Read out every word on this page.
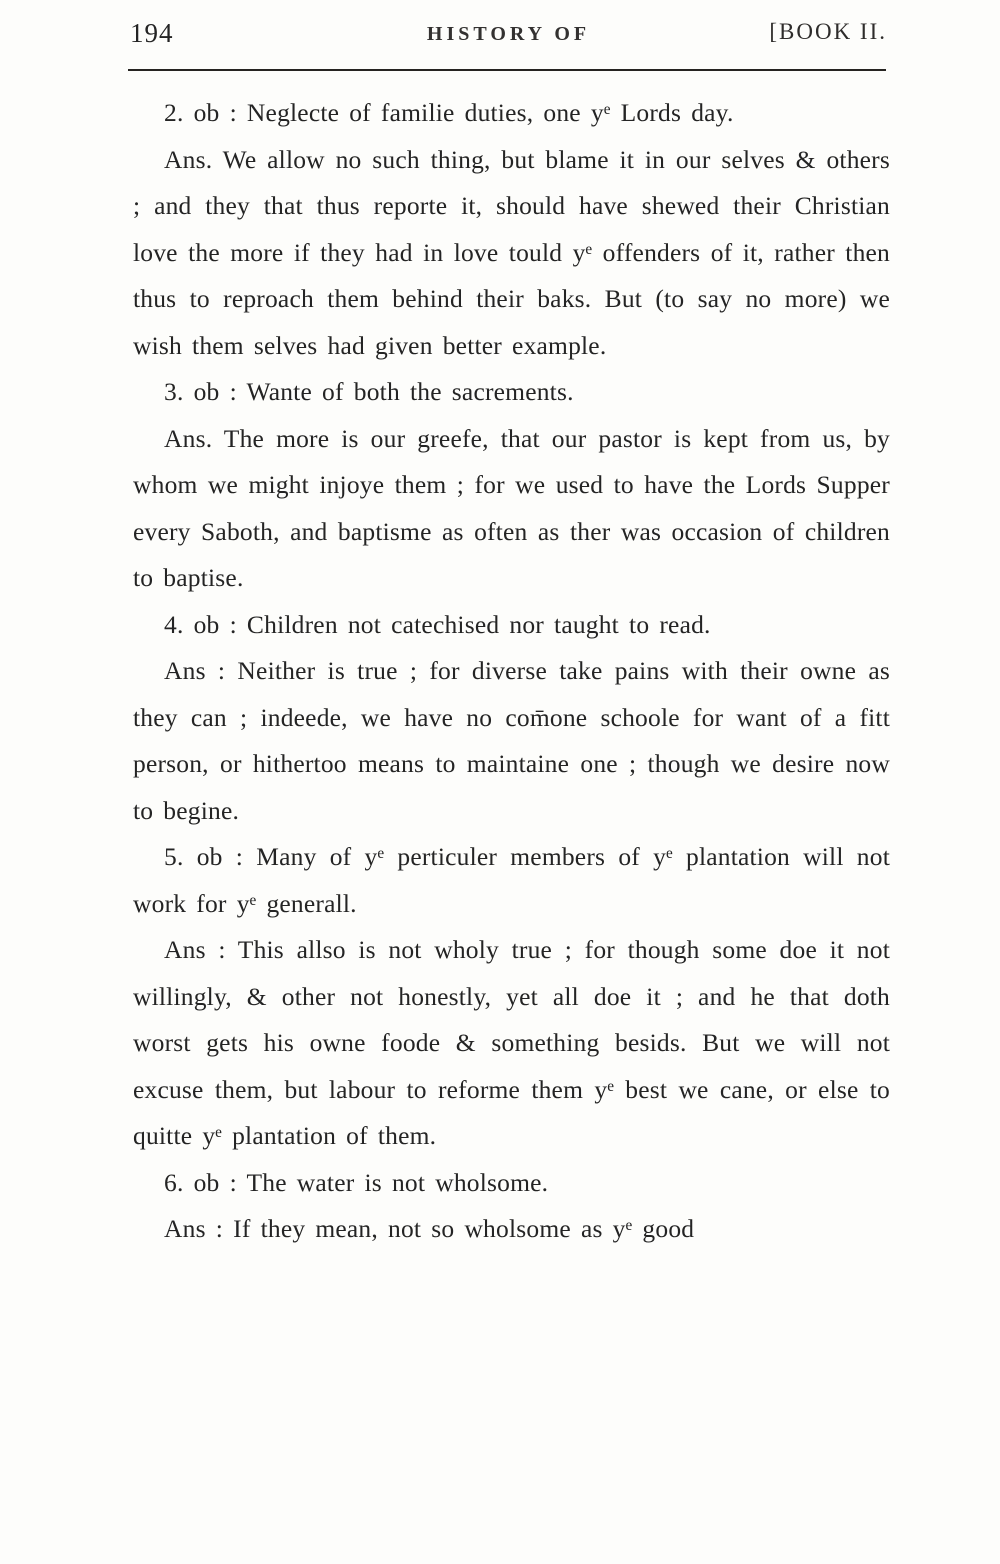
194	HISTORY OF	[BOOK II.

2. ob : Neglecte of familie duties, one yᵉ Lords day.

Ans. We allow no such thing, but blame it in our selves & others ; and they that thus reporte it, should have shewed their Christian love the more if they had in love tould yᵉ offenders of it, rather then thus to reproach them behind their baks. But (to say no more) we wish them selves had given better example.

3. ob : Wante of both the sacrements.

Ans. The more is our greefe, that our pastor is kept from us, by whom we might injoye them ; for we used to have the Lords Supper every Saboth, and baptisme as often as ther was occasion of children to baptise.

4. ob : Children not catechised nor taught to read.

Ans : Neither is true ; for diverse take pains with their owne as they can ; indeede, we have no com̄one schoole for want of a fitt person, or hithertoo means to maintaine one ; though we desire now to begine.

5. ob : Many of yᵉ perticuler members of yᵉ plantation will not work for yᵉ generall.

Ans : This allso is not wholy true ; for though some doe it not willingly, & other not honestly, yet all doe it ; and he that doth worst gets his owne foode & something besids. But we will not excuse them, but labour to reforme them yᵉ best we cane, or else to quitte yᵉ plantation of them.

6. ob : The water is not wholsome.

Ans : If they mean, not so wholsome as yᵉ good
